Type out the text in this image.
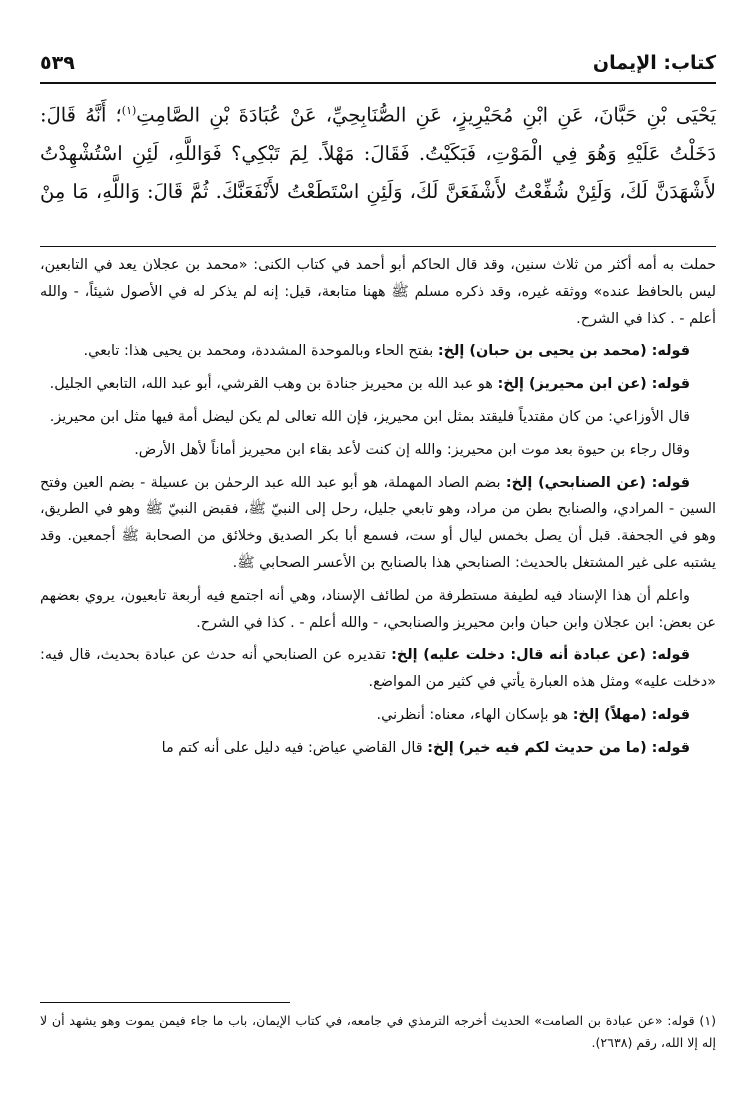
كتاب: الإيمان
٥٣٩

يَحْيَى بْنِ حَبَّانَ، عَنِ ابْنِ مُحَيْرِيزٍ، عَنِ الصُّنَابِحِيِّ، عَنْ عُبَادَةَ بْنِ الصَّامِتِ$^{(١)}$؛ أَنَّهُ قَالَ:

دَخَلْتُ عَلَيْهِ وَهُوَ فِي الْمَوْتِ، فَبَكَيْتُ. فَقَالَ: مَهْلاً. لِمَ تَبْكِي؟ فَوَاللَّهِ، لَئِنِ اسْتُشْهِدْتُ

لأَشْهَدَنَّ لَكَ، وَلَئِنْ شُفِّعْتُ لأَشْفَعَنَّ لَكَ، وَلَئِنِ اسْتَطَعْتُ لأَنْفَعَنَّكَ. ثُمَّ قَالَ: وَاللَّهِ، مَا مِنْ

حملت به أمه أكثر من ثلاث سنين، وقد قال الحاكم أبو أحمد في كتاب الكنى: «محمد بن عجلان يعد في التابعين، ليس بالحافظ عنده» ووثقه غيره، وقد ذكره مسلم ﷺ ههنا متابعة، قيل: إنه لم يذكر له في الأصول شيئاً، - والله أعلم - . كذا في الشرح.

قوله: (محمد بن يحيى بن حبان) إلخ: بفتح الحاء وبالموحدة المشددة، ومحمد بن يحيى هذا: تابعي.

قوله: (عن ابن محيريز) إلخ: هو عبد الله بن محيريز جنادة بن وهب القرشي، أبو عبد الله، التابعي الجليل.

قال الأوزاعي: من كان مقتدياً فليقتد بمثل ابن محيريز، فإن الله تعالى لم يكن ليضل أمة فيها مثل ابن محيريز.

وقال رجاء بن حيوة بعد موت ابن محيريز: والله إن كنت لأعد بقاء ابن محيريز أماناً لأهل الأرض.

قوله: (عن الصنابحي) إلخ: بضم الصاد المهملة، هو أبو عبد الله عبد الرحمٰن بن عسيلة - بضم العين وفتح السين - المرادي، والصنابح بطن من مراد، وهو تابعي جليل، رحل إلى النبيّ ﷺ، فقبض النبيّ ﷺ وهو في الطريق، وهو في الجحفة. قبل أن يصل بخمس ليال أو ست، فسمع أبا بكر الصديق وخلائق من الصحابة ﷺ أجمعين. وقد يشتبه على غير المشتغل بالحديث: الصنابحي هذا بالصنابح بن الأعسر الصحابي ﷺ.

واعلم أن هذا الإسناد فيه لطيفة مستطرفة من لطائف الإسناد، وهي أنه اجتمع فيه أربعة تابعيون، يروي بعضهم عن بعض: ابن عجلان وابن حبان وابن محيريز والصنابحي، - والله أعلم - . كذا في الشرح.

قوله: (عن عبادة أنه قال: دخلت عليه) إلخ: تقديره عن الصنابحي أنه حدث عن عبادة بحديث، قال فيه: «دخلت عليه» ومثل هذه العبارة يأتي في كثير من المواضع.

قوله: (مهلاً) إلخ: هو بإسكان الهاء، معناه: أنظرني.

قوله: (ما من حديث لكم فيه خير) إلخ: قال القاضي عياض: فيه دليل على أنه كتم ما

(١) قوله: «عن عبادة بن الصامت» الحديث أخرجه الترمذي في جامعه، في كتاب الإيمان، باب ما جاء فيمن يموت وهو يشهد أن لا إله إلا الله، رقم (٢٦٣٨).
